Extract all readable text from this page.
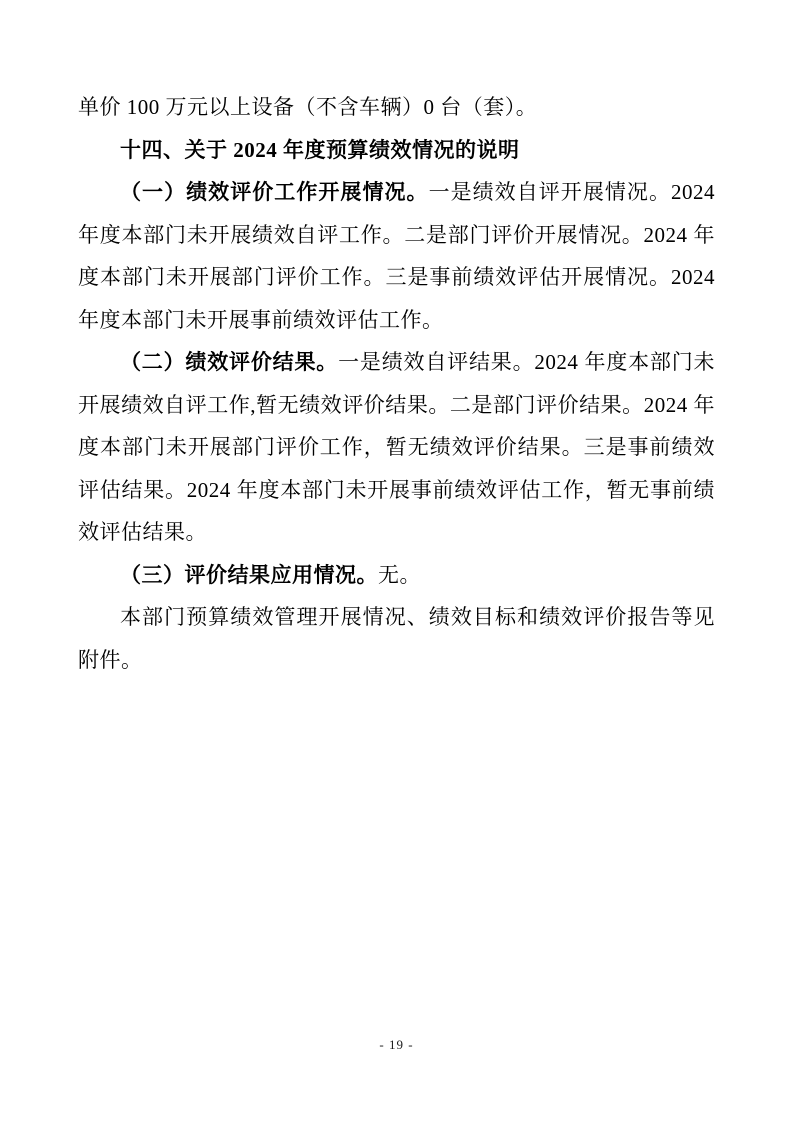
单价 100 万元以上设备（不含车辆）0 台（套）。

十四、关于 2024 年度预算绩效情况的说明

（一）绩效评价工作开展情况。一是绩效自评开展情况。2024 年度本部门未开展绩效自评工作。二是部门评价开展情况。2024 年度本部门未开展部门评价工作。三是事前绩效评估开展情况。2024 年度本部门未开展事前绩效评估工作。

（二）绩效评价结果。一是绩效自评结果。2024 年度本部门未开展绩效自评工作,暂无绩效评价结果。二是部门评价结果。2024 年度本部门未开展部门评价工作，暂无绩效评价结果。三是事前绩效评估结果。2024 年度本部门未开展事前绩效评估工作，暂无事前绩效评估结果。

（三）评价结果应用情况。无。

本部门预算绩效管理开展情况、绩效目标和绩效评价报告等见附件。

- 19 -
